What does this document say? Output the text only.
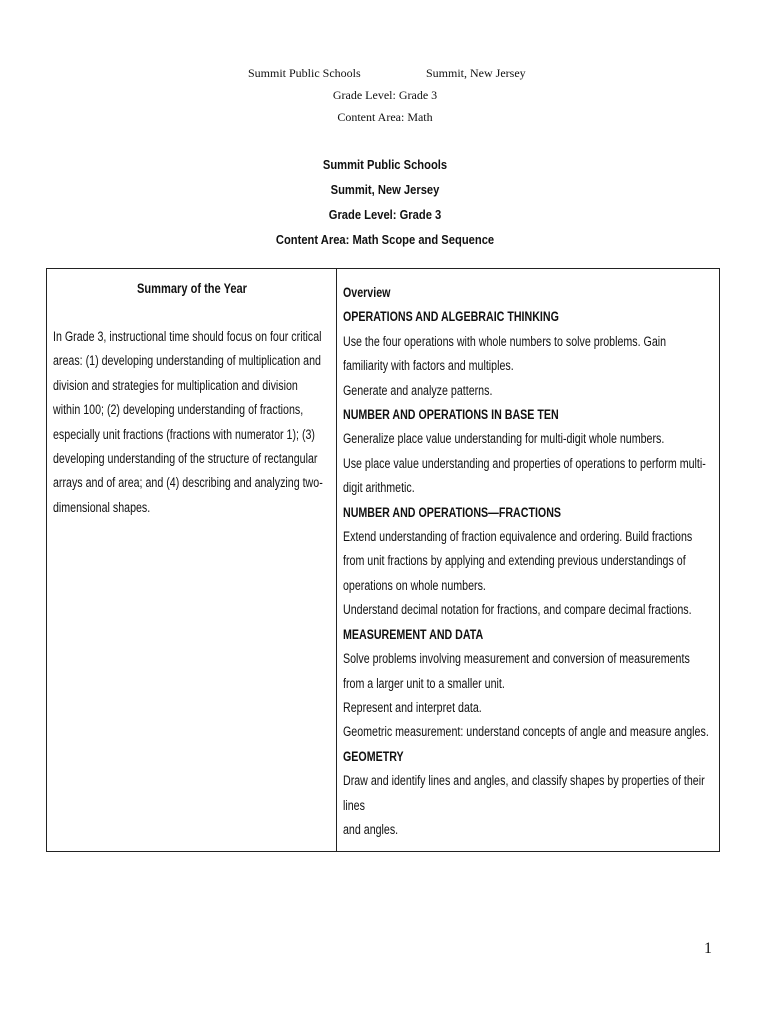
Summit Public Schools	Summit, New Jersey
Grade Level: Grade 3
Content Area: Math
Summit Public Schools
Summit, New Jersey
Grade Level: Grade 3
Content Area: Math Scope and Sequence
Summary of the Year
In Grade 3, instructional time should focus on four critical
areas: (1) developing understanding of multiplication and
division and strategies for multiplication and division
within 100; (2) developing understanding of fractions,
especially unit fractions (fractions with numerator 1); (3)
developing understanding of the structure of rectangular
arrays and of area; and (4) describing and analyzing two-
dimensional shapes.
Overview
OPERATIONS AND ALGEBRAIC THINKING
Use the four operations with whole numbers to solve problems. Gain
familiarity with factors and multiples.
Generate and analyze patterns.
NUMBER AND OPERATIONS IN BASE TEN
Generalize place value understanding for multi-digit whole numbers.
Use place value understanding and properties of operations to perform multi-
digit arithmetic.
NUMBER AND OPERATIONS—FRACTIONS
Extend understanding of fraction equivalence and ordering. Build fractions
from unit fractions by applying and extending previous understandings of
operations on whole numbers.
Understand decimal notation for fractions, and compare decimal fractions.
MEASUREMENT AND DATA
Solve problems involving measurement and conversion of measurements
from a larger unit to a smaller unit.
Represent and interpret data.
Geometric measurement: understand concepts of angle and measure angles.
GEOMETRY
Draw and identify lines and angles, and classify shapes by properties of their
lines
and angles.
1
